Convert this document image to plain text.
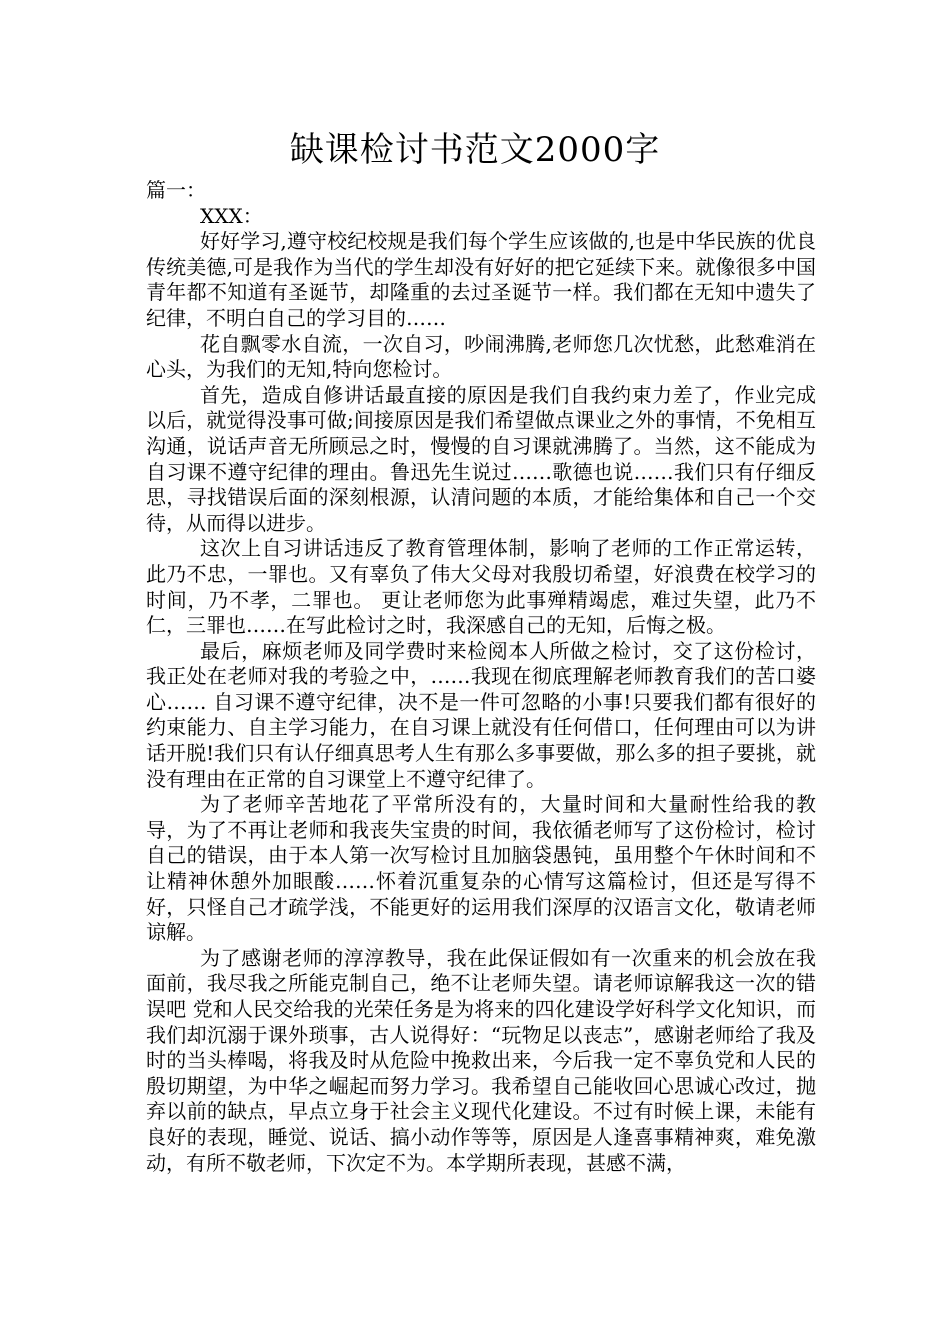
缺课检讨书范文2000字

篇一：

XXX：

好好学习,遵守校纪校规是我们每个学生应该做的,也是中华民族的优良传统美德,可是我作为当代的学生却没有好好的把它延续下来。就像很多中国青年都不知道有圣诞节，却隆重的去过圣诞节一样。我们都在无知中遗失了纪律，不明白自己的学习目的……

花自飘零水自流，一次自习，吵闹沸腾,老师您几次忧愁，此愁难消在心头，为我们的无知,特向您检讨。

首先，造成自修讲话最直接的原因是我们自我约束力差了，作业完成以后，就觉得没事可做;间接原因是我们希望做点课业之外的事情，不免相互沟通，说话声音无所顾忌之时，慢慢的自习课就沸腾了。当然，这不能成为自习课不遵守纪律的理由。鲁迅先生说过……歌德也说……我们只有仔细反思，寻找错误后面的深刻根源，认清问题的本质，才能给集体和自己一个交待，从而得以进步。

这次上自习讲话违反了教育管理体制，影响了老师的工作正常运转，此乃不忠，一罪也。又有辜负了伟大父母对我殷切希望，好浪费在校学习的时间，乃不孝，二罪也。 更让老师您为此事殚精竭虑，难过失望，此乃不仁，三罪也……在写此检讨之时，我深感自己的无知，后悔之极。

最后，麻烦老师及同学费时来检阅本人所做之检讨，交了这份检讨，我正处在老师对我的考验之中，……我现在彻底理解老师教育我们的苦口婆心…… 自习课不遵守纪律，决不是一件可忽略的小事!只要我们都有很好的约束能力、自主学习能力，在自习课上就没有任何借口，任何理由可以为讲话开脱!我们只有认仔细真思考人生有那么多事要做，那么多的担子要挑，就没有理由在正常的自习课堂上不遵守纪律了。

为了老师辛苦地花了平常所没有的，大量时间和大量耐性给我的教导，为了不再让老师和我丧失宝贵的时间，我依循老师写了这份检讨，检讨自己的错误，由于本人第一次写检讨且加脑袋愚钝，虽用整个午休时间和不让精神休憩外加眼酸……怀着沉重复杂的心情写这篇检讨，但还是写得不好，只怪自己才疏学浅，不能更好的运用我们深厚的汉语言文化，敬请老师谅解。

为了感谢老师的淳淳教导，我在此保证假如有一次重来的机会放在我面前，我尽我之所能克制自己，绝不让老师失望。请老师谅解我这一次的错误吧 党和人民交给我的光荣任务是为将来的四化建设学好科学文化知识，而我们却沉溺于课外琐事，古人说得好：“玩物足以丧志”，感谢老师给了我及时的当头棒喝，将我及时从危险中挽救出来，今后我一定不辜负党和人民的殷切期望，为中华之崛起而努力学习。我希望自己能收回心思诚心改过，抛弃以前的缺点，早点立身于社会主义现代化建设。不过有时候上课，未能有良好的表现，睡觉、说话、搞小动作等等，原因是人逢喜事精神爽，难免激动，有所不敬老师，下次定不为。本学期所表现，甚感不满，
